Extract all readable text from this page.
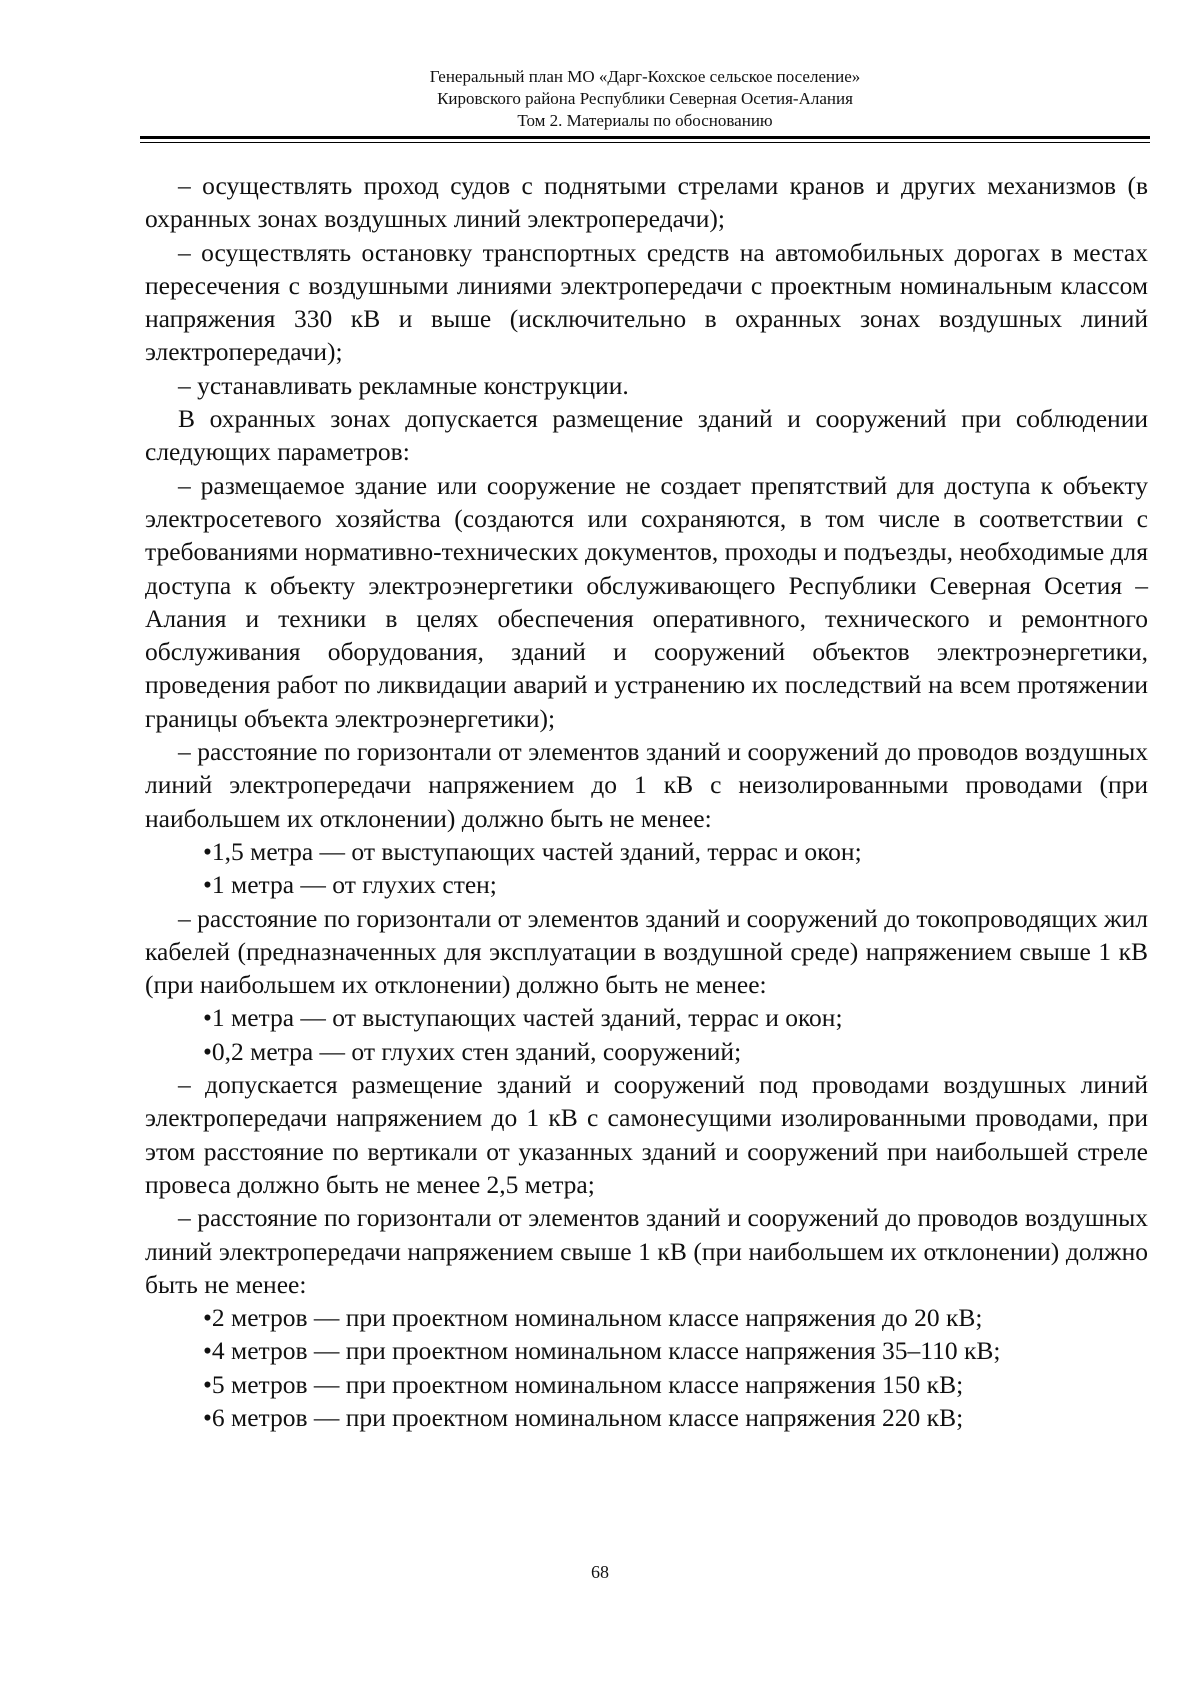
Генеральный план МО «Дарг-Кохское сельское поселение»
Кировского района Республики Северная Осетия-Алания
Том 2. Материалы по обоснованию

– осуществлять проход судов с поднятыми стрелами кранов и других механизмов (в охранных зонах воздушных линий электропередачи);

– осуществлять остановку транспортных средств на автомобильных дорогах в местах пересечения с воздушными линиями электропередачи с проектным номинальным классом напряжения 330 кВ и выше (исключительно в охранных зонах воздушных линий электропередачи);

– устанавливать рекламные конструкции.

В охранных зонах допускается размещение зданий и сооружений при соблюдении следующих параметров:

– размещаемое здание или сооружение не создает препятствий для доступа к объекту электросетевого хозяйства (создаются или сохраняются, в том числе в соответствии с требованиями нормативно-технических документов, проходы и подъезды, необходимые для доступа к объекту электроэнергетики обслуживающего Республики Северная Осетия – Алания и техники в целях обеспечения оперативного, технического и ремонтного обслуживания оборудования, зданий и сооружений объектов электроэнергетики, проведения работ по ликвидации аварий и устранению их последствий на всем протяжении границы объекта электроэнергетики);

– расстояние по горизонтали от элементов зданий и сооружений до проводов воздушных линий электропередачи напряжением до 1 кВ с неизолированными проводами (при наибольшем их отклонении) должно быть не менее:

•1,5 метра — от выступающих частей зданий, террас и окон;

•1 метра — от глухих стен;

– расстояние по горизонтали от элементов зданий и сооружений до токопроводящих жил кабелей (предназначенных для эксплуатации в воздушной среде) напряжением свыше 1 кВ (при наибольшем их отклонении) должно быть не менее:

•1 метра — от выступающих частей зданий, террас и окон;

•0,2 метра — от глухих стен зданий, сооружений;

– допускается размещение зданий и сооружений под проводами воздушных линий электропередачи напряжением до 1 кВ с самонесущими изолированными проводами, при этом расстояние по вертикали от указанных зданий и сооружений при наибольшей стреле провеса должно быть не менее 2,5 метра;

– расстояние по горизонтали от элементов зданий и сооружений до проводов воздушных линий электропередачи напряжением свыше 1 кВ (при наибольшем их отклонении) должно быть не менее:

•2 метров — при проектном номинальном классе напряжения до 20 кВ;

•4 метров — при проектном номинальном классе напряжения 35–110 кВ;

•5 метров — при проектном номинальном классе напряжения 150 кВ;

•6 метров — при проектном номинальном классе напряжения 220 кВ;

68
